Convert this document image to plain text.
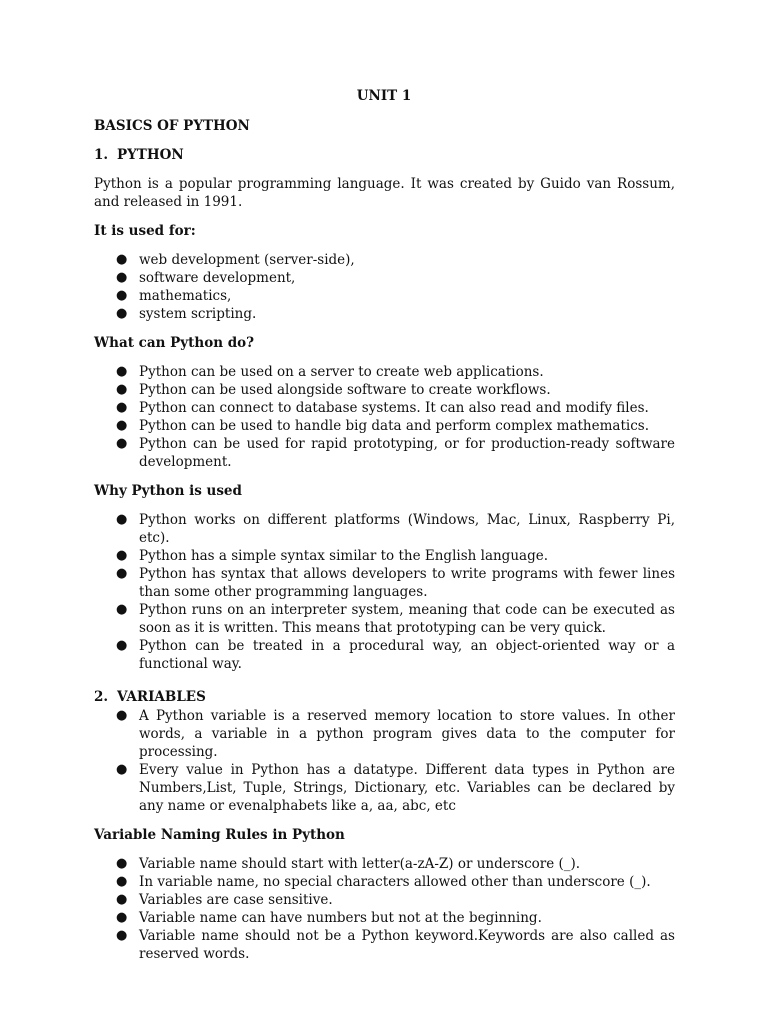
UNIT 1

BASICS OF PYTHON

1. PYTHON

Python is a popular programming language. It was created by Guido van Rossum, and released in 1991.

It is used for:

● web development (server-side),
● software development,
● mathematics,
● system scripting.

What can Python do?

● Python can be used on a server to create web applications.
● Python can be used alongside software to create workflows.
● Python can connect to database systems. It can also read and modify files.
● Python can be used to handle big data and perform complex mathematics.
● Python can be used for rapid prototyping, or for production-ready software development.

Why Python is used

● Python works on different platforms (Windows, Mac, Linux, Raspberry Pi, etc).
● Python has a simple syntax similar to the English language.
● Python has syntax that allows developers to write programs with fewer lines than some other programming languages.
● Python runs on an interpreter system, meaning that code can be executed as soon as it is written. This means that prototyping can be very quick.
● Python can be treated in a procedural way, an object-oriented way or a functional way.

2. VARIABLES

● A Python variable is a reserved memory location to store values. In other words, a variable in a python program gives data to the computer for processing.
● Every value in Python has a datatype. Different data types in Python are Numbers,List, Tuple, Strings, Dictionary, etc. Variables can be declared by any name or evenalphabets like a, aa, abc, etc

Variable Naming Rules in Python

● Variable name should start with letter(a-zA-Z) or underscore (_).
● In variable name, no special characters allowed other than underscore (_).
● Variables are case sensitive.
● Variable name can have numbers but not at the beginning.
● Variable name should not be a Python keyword.Keywords are also called as reserved words.
